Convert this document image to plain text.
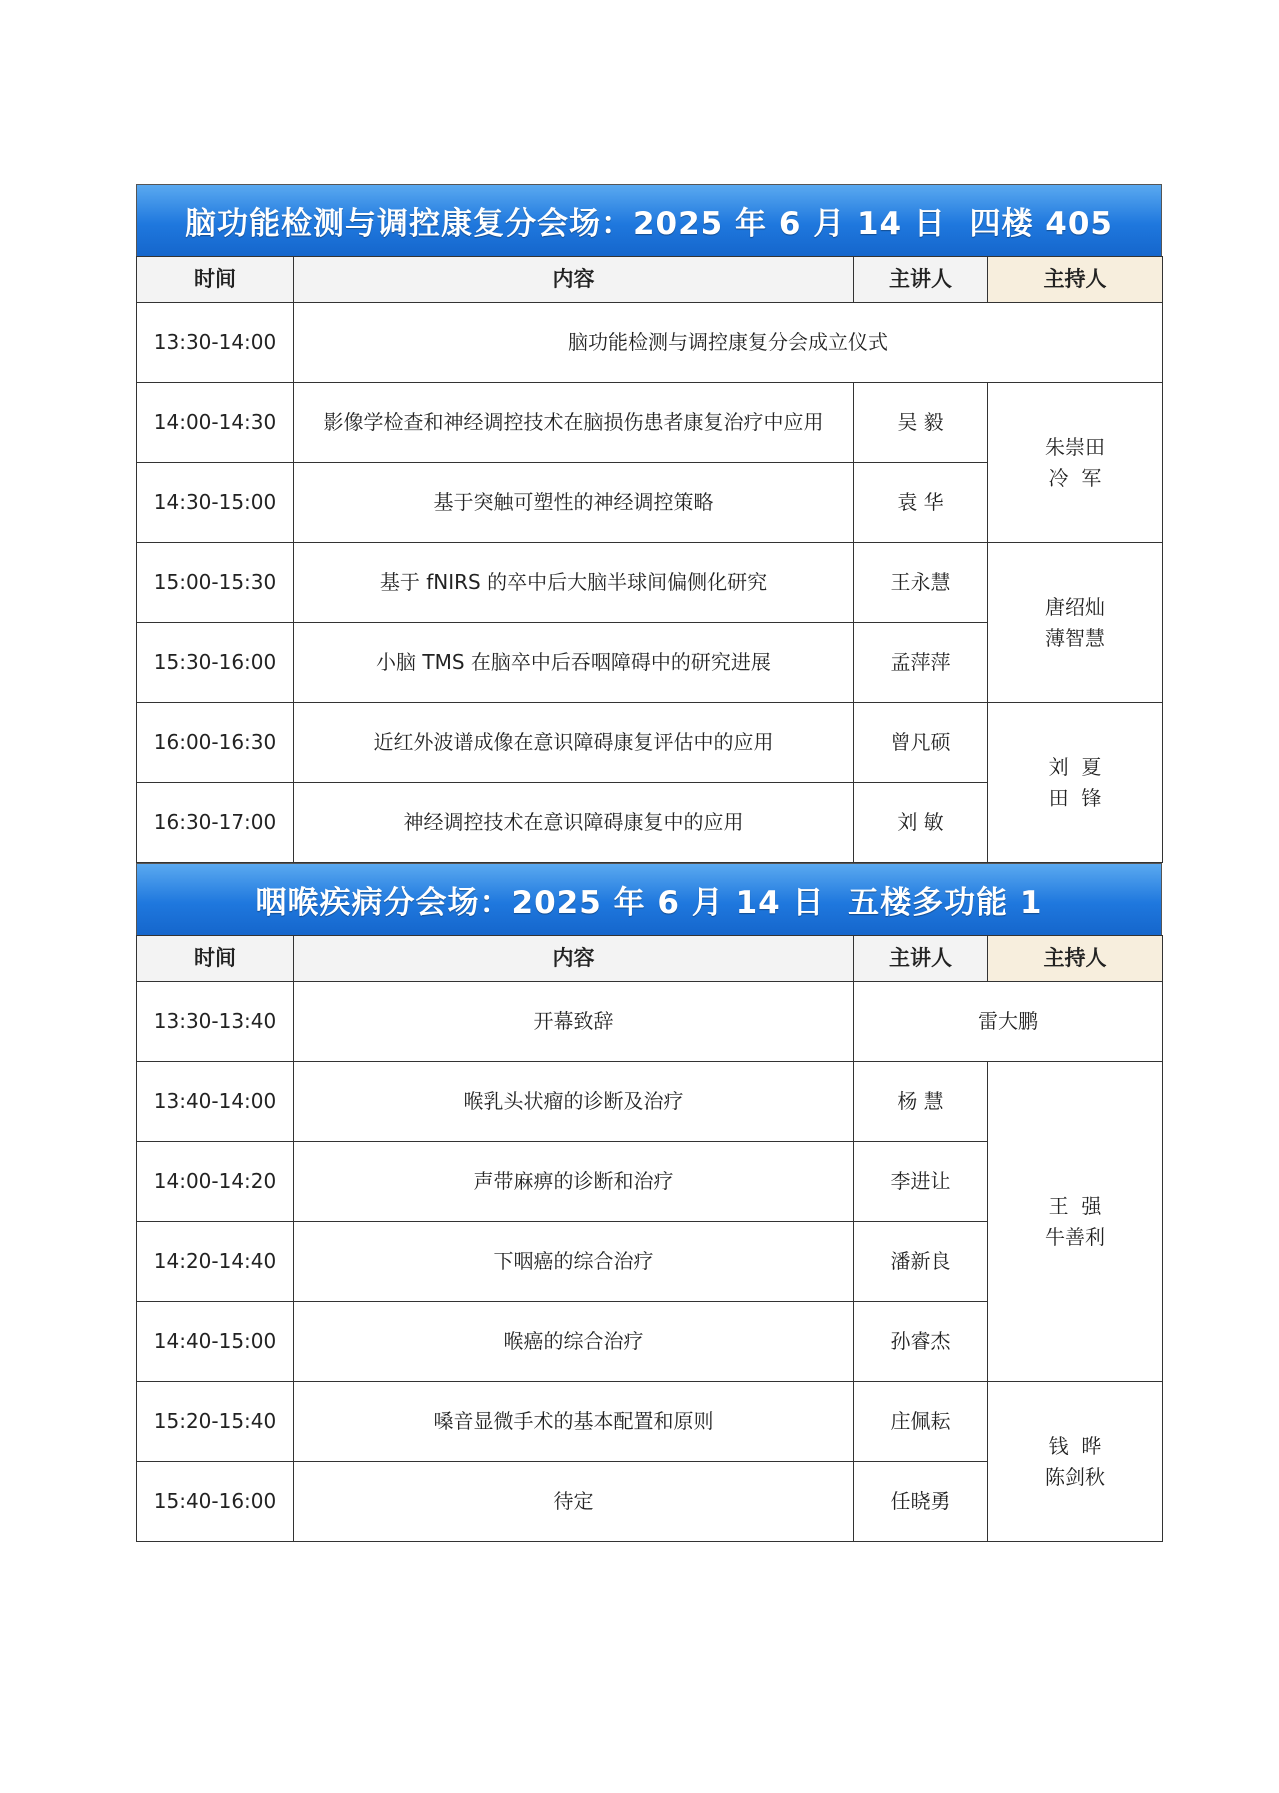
脑功能检测与调控康复分会场：2025 年 6 月 14 日  四楼 405
时间	内容	主讲人	主持人
13:30-14:00	脑功能检测与调控康复分会成立仪式		
14:00-14:30	影像学检查和神经调控技术在脑损伤患者康复治疗中应用	吴 毅	朱崇田
冷  军

14:30-15:00	基于突触可塑性的神经调控策略	袁 华	
15:00-15:30	基于 fNIRS 的卒中后大脑半球间偏侧化研究	王永慧	唐绍灿
薄智慧

15:30-16:00	小脑 TMS 在脑卒中后吞咽障碍中的研究进展	孟萍萍	
16:00-16:30	近红外波谱成像在意识障碍康复评估中的应用	曾凡硕	刘  夏
田  锋

16:30-17:00	神经调控技术在意识障碍康复中的应用	刘 敏	
咽喉疾病分会场：2025 年 6 月 14 日  五楼多功能 1
时间	内容	主讲人	主持人
13:30-13:40	开幕致辞	雷大鹏	
13:40-14:00	喉乳头状瘤的诊断及治疗	杨 慧	王  强
牛善利

14:00-14:20	声带麻痹的诊断和治疗	李进让	
14:20-14:40	下咽癌的综合治疗	潘新良	
14:40-15:00	喉癌的综合治疗	孙睿杰	
15:20-15:40	嗓音显微手术的基本配置和原则	庄佩耘	钱  晔
陈剑秋

15:40-16:00	待定	任晓勇	
